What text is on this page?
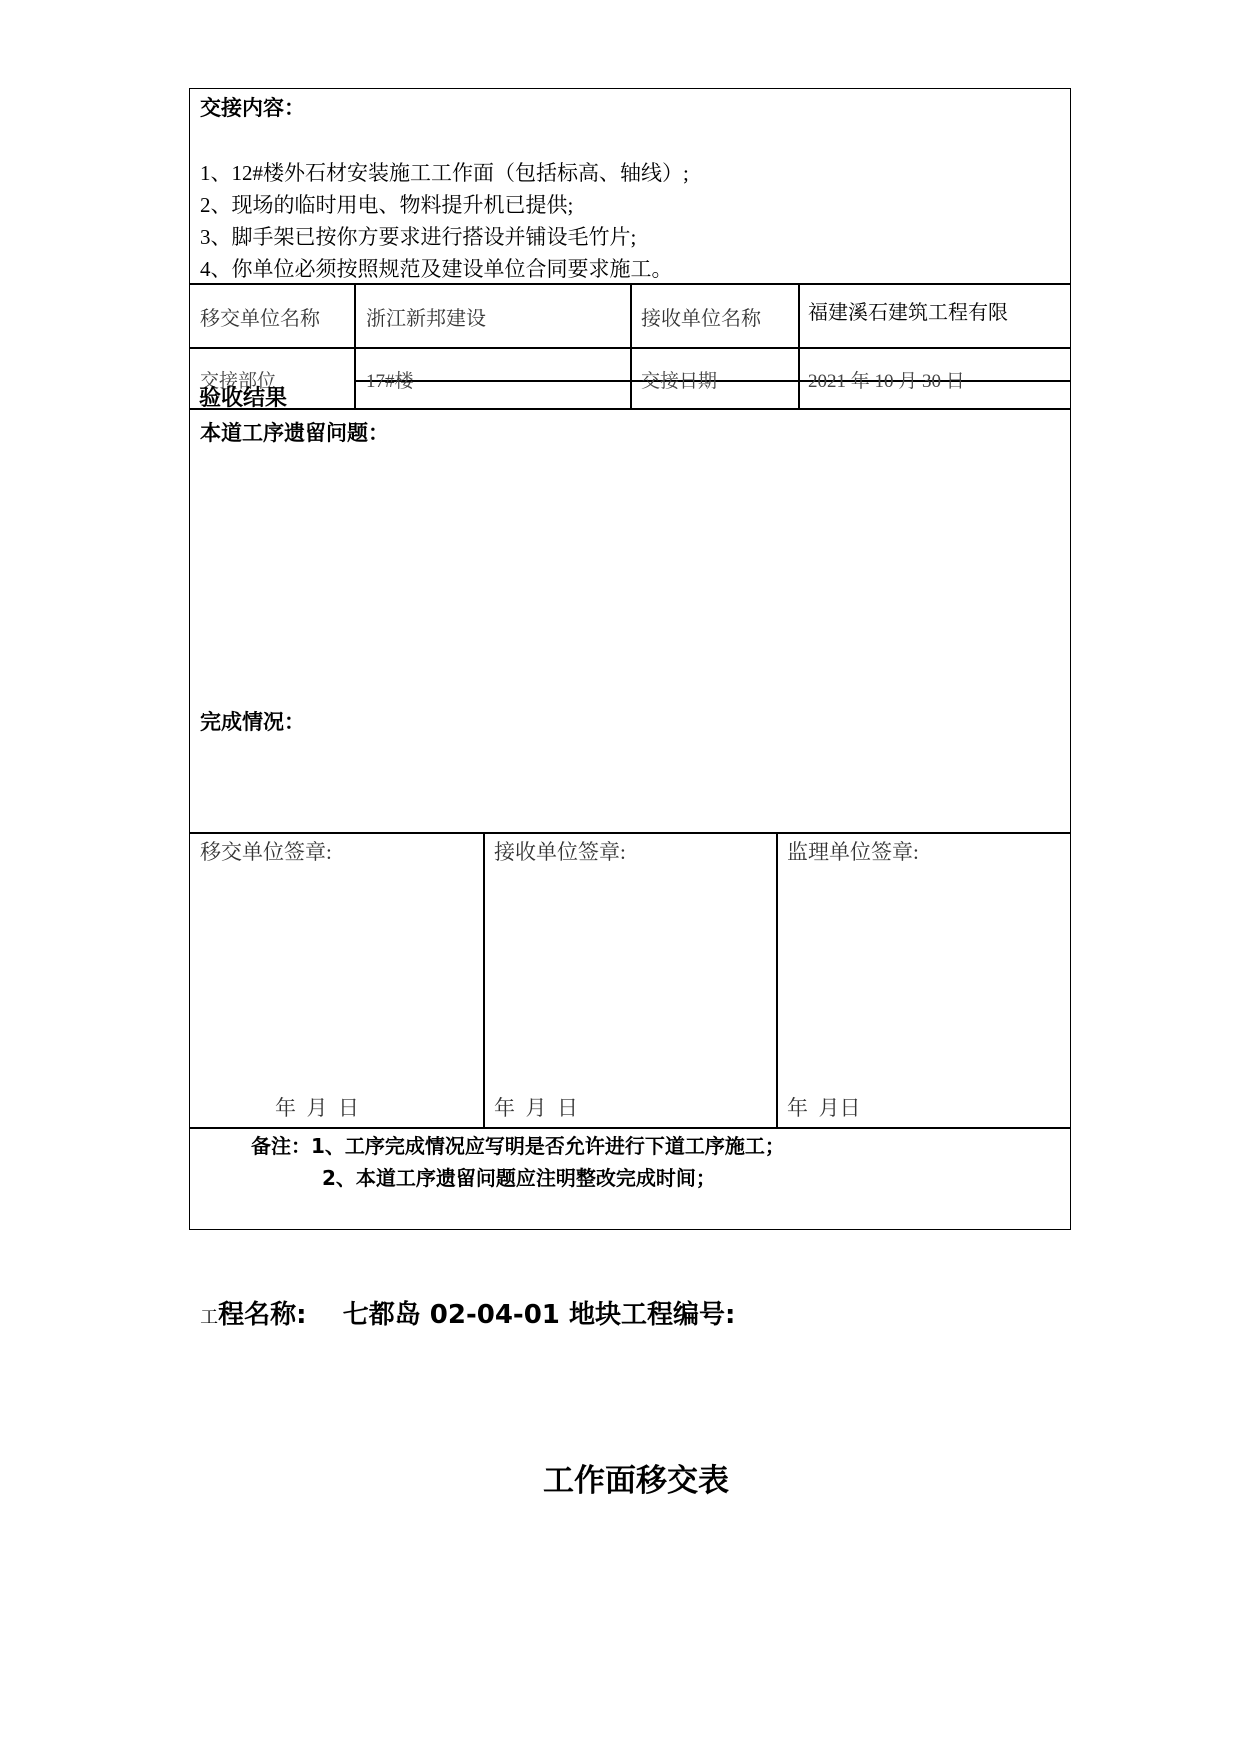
交接内容：
1、12#楼外石材安装施工工作面（包括标高、轴线）;
2、现场的临时用电、物料提升机已提供;
3、脚手架已按你方要求进行搭设并铺设毛竹片;
4、你单位必须按照规范及建设单位合同要求施工。
移交单位名称 浙江新邦建设	接收单位名称 福建溪石建筑工程有限
交接部位	17#楼	交接日期	2021 年 10 月 30 日
验收结果
本道工序遗留问题：
完成情况：
移交单位签章:	接收单位签章:	监理单位签章:
年  月  日	年  月  日	年  月日
备注：1、工序完成情况应写明是否允许进行下道工序施工；
2、本道工序遗留问题应注明整改完成时间；

工程名称:    七都岛 02-04-01 地块工程编号:

工作面移交表
